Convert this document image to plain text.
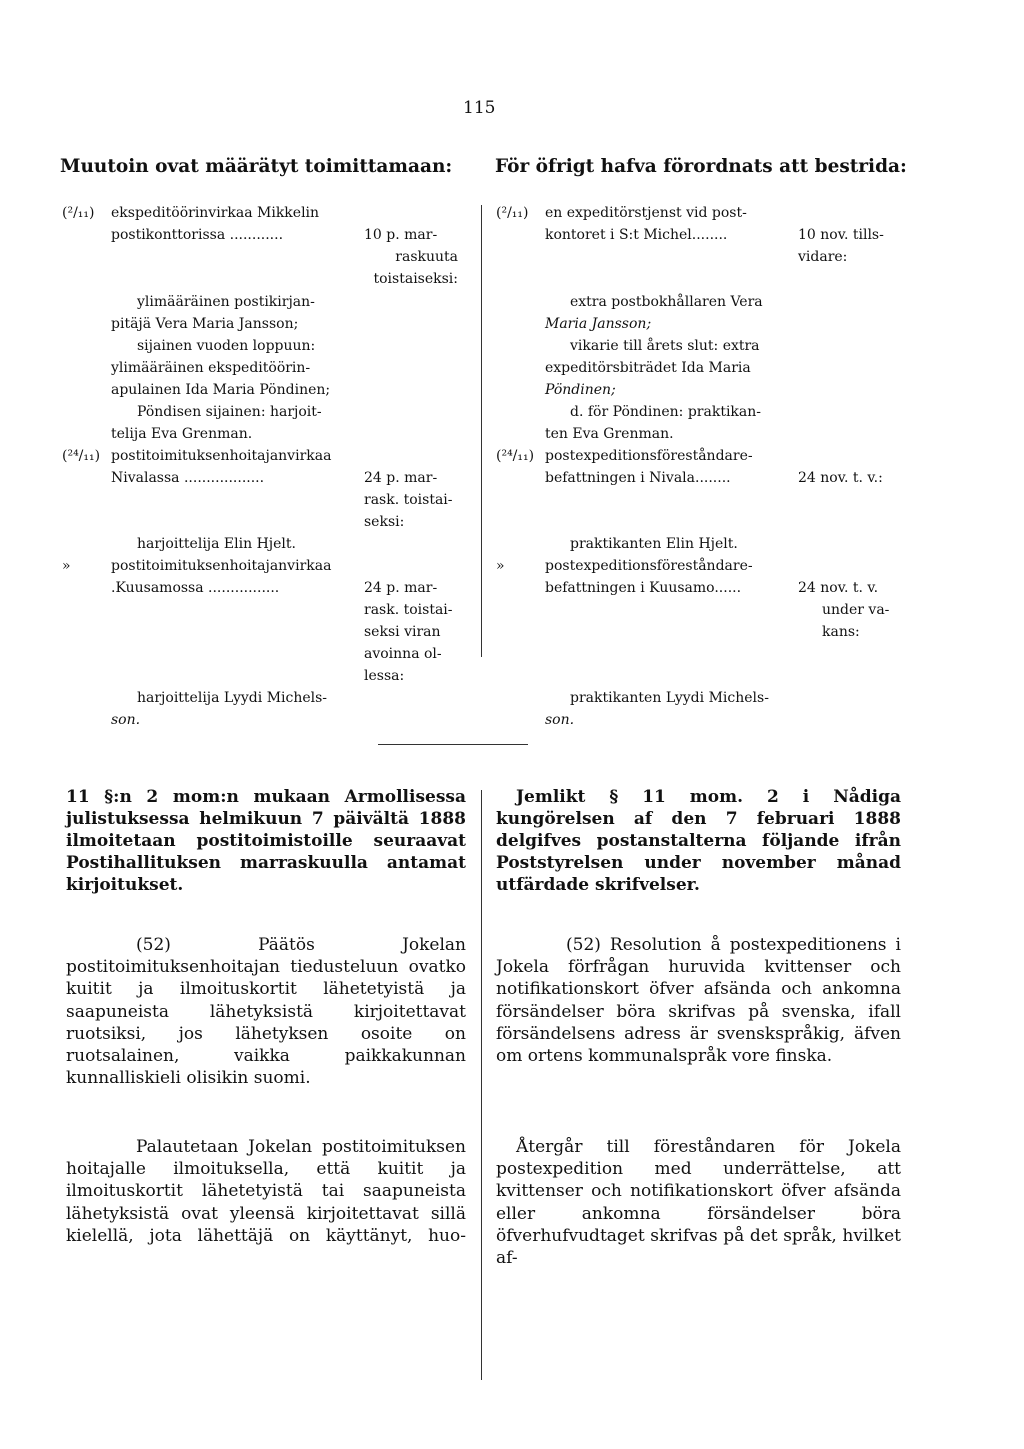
115
Muutoin ovat määrätyt toimittamaan: För öfrigt hafva förordnats att bestrida:
(²/₁₁) ekspeditöörinvirkaa Mikkelin
postikonttorissa ............	10 p. mar-
raskuuta
toistaiseksi:
ylimääräinen postikirjan-
pitäjä Vera Maria Jansson;
sijainen vuoden loppuun:
ylimääräinen ekspeditöörin-
apulainen Ida Maria Pöndinen;
Pöndisen sijainen: harjoit-
telija Eva Grenman.
(²⁴/₁₁) postitoimituksenhoitajanvirkaa
Nivalassa ..................	24 p. mar-
rask. toistai-
seksi:
harjoittelija Elin Hjelt.
»	postitoimituksenhoitajanvirkaa
.Kuusamossa ................	24 p. mar-
rask. toistai-
seksi viran
avoinna ol-
lessa:
harjoittelija Lyydi Michels-
son.
(²/₁₁) en expeditörstjenst vid post-
kontoret i S:t Michel........	10 nov. tills-
vidare:
extra postbokhållaren Vera
Maria Jansson;
vikarie till årets slut: extra
expeditörsbiträdet Ida Maria
Pöndinen;
d. för Pöndinen: praktikan-
ten Eva Grenman.
(²⁴/₁₁) postexpeditionsföreståndare-
befattningen i Nivala........	24 nov. t. v.:
praktikanten Elin Hjelt.
»	postexpeditionsföreståndare-
befattningen i Kuusamo......	24 nov. t. v.
under va-
kans:
praktikanten Lyydi Michels-
son.
11 §:n 2 mom:n mukaan Armollisessa julistuksessa helmikuun 7 päivältä 1888 ilmoitetaan postitoimistoille seuraavat Postihallituksen marraskuulla antamat kirjoitukset.
(52) Päätös Jokelan postitoimituksenhoitajan tiedusteluun ovatko kuitit ja ilmoituskortit lähetetyistä ja saapuneista lähetyksistä kirjoitettavat ruotsiksi, jos lähetyksen osoite on ruotsalainen, vaikka paikkakunnan kunnalliskieli olisikin suomi.
Palautetaan Jokelan postitoimituksen hoitajalle ilmoituksella, että kuitit ja ilmoituskortit lähetetyistä tai saapuneista lähetyksistä ovat yleensä kirjoitettavat sillä kielellä, jota lähettäjä on käyttänyt, huo-
Jemlikt § 11 mom. 2 i Nådiga kungörelsen af den 7 februari 1888 delgifves postanstalterna följande ifrån Poststyrelsen under november månad utfärdade skrifvelser.
(52) Resolution å postexpeditionens i Jokela förfrågan huruvida kvittenser och notifikationskort öfver afsända och ankomna försändelser böra skrifvas på svenska, ifall försändelsens adress är svenskspråkig, äfven om ortens kommunalspråk vore finska.
Återgår till föreståndaren för Jokela postexpedition med underrättelse, att kvittenser och notifikationskort öfver afsända eller ankomna försändelser böra öfverhufvudtaget skrifvas på det språk, hvilket af-
